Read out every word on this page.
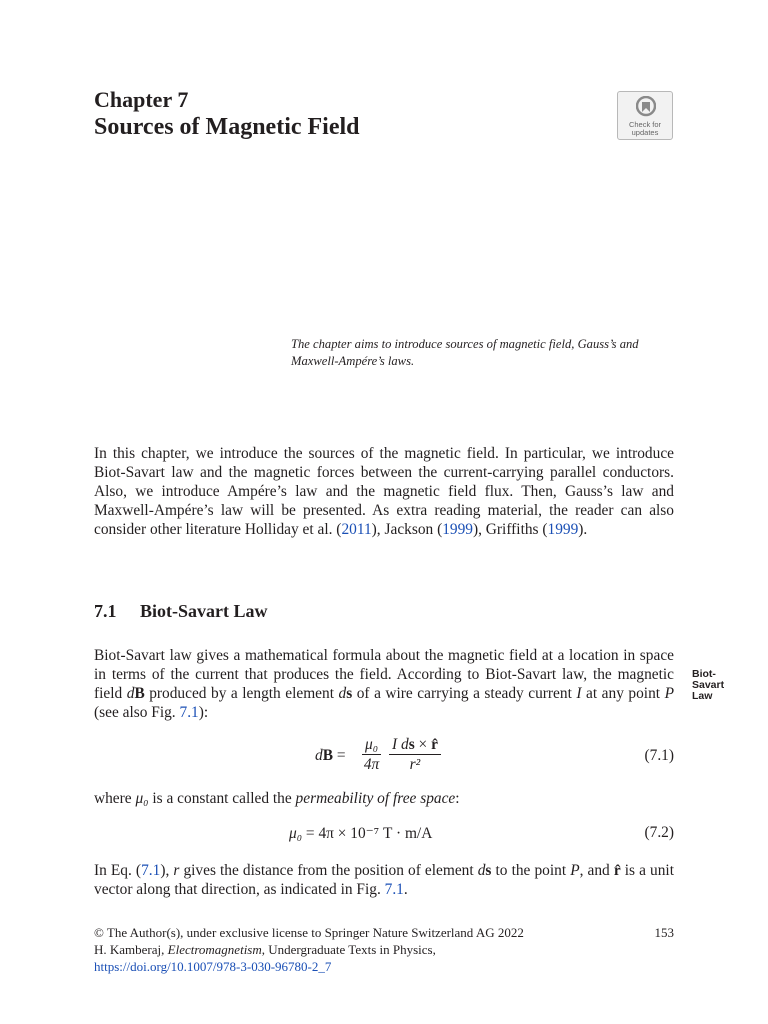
Chapter 7
Sources of Magnetic Field	Check for
updates
The chapter aims to introduce sources of magnetic field, Gauss’s and Maxwell-Ampére’s laws.
In this chapter, we introduce the sources of the magnetic field. In particular, we introduce Biot-Savart law and the magnetic forces between the current-carrying parallel conductors. Also, we introduce Ampére’s law and the magnetic field flux. Then, Gauss’s law and Maxwell-Ampére’s law will be presented. As extra reading material, the reader can also consider other literature Holliday et al. (2011), Jackson (1999), Griffiths (1999).
7.1 Biot-Savart Law
Biot-
Savart
Law
Biot-Savart law gives a mathematical formula about the magnetic field at a location in space in terms of the current that produces the field. According to Biot-Savart law, the magnetic field dB produced by a length element ds of a wire carrying a steady current I at any point P (see also Fig. 7.1):
dB = $\frac{\text{μ₀}}{4\pi} \frac{\text{I ds × r̂}}{\text{r²}}$	(7.1)
where μ₀ is a constant called the permeability of free space:
μ₀ = 4π × 10⁻⁷ T · m/A	(7.2)
In Eq. (7.1), r gives the distance from the position of element ds to the point P, and r̂ is a unit vector along that direction, as indicated in Fig. 7.1.
© The Author(s), under exclusive license to Springer Nature Switzerland AG 2022
H. Kamberaj, Electromagnetism, Undergraduate Texts in Physics,
https://doi.org/10.1007/978-3-030-96780-2_7
153
